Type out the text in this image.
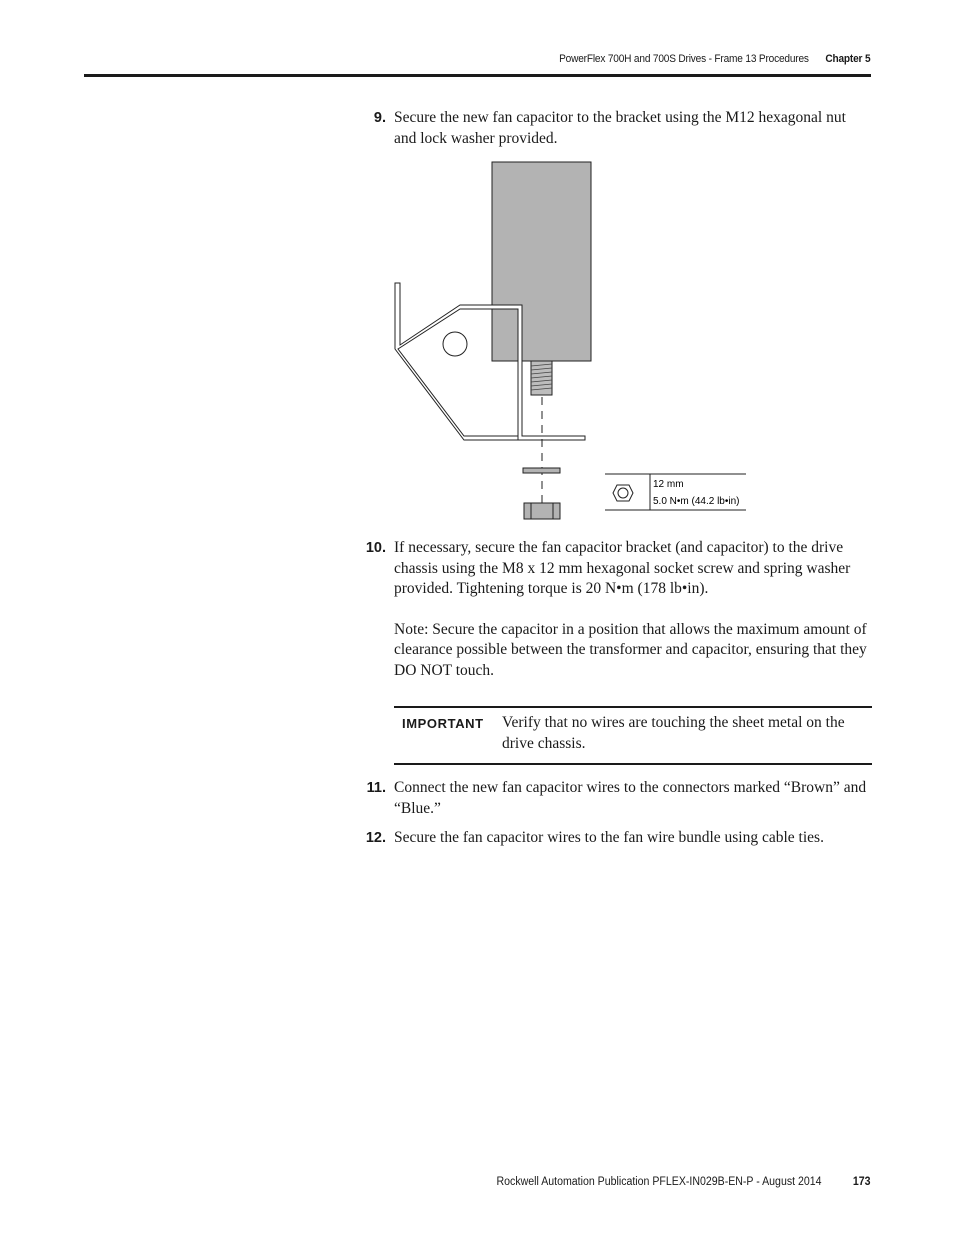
PowerFlex 700H and 700S Drives - Frame 13 Procedures Chapter 5
9. Secure the new fan capacitor to the bracket using the M12 hexagonal nut and lock washer provided.
12 mm
5.0 N•m (44.2 lb•in)
10. If necessary, secure the fan capacitor bracket (and capacitor) to the drive chassis using the M8 x 12 mm hexagonal socket screw and spring washer provided. Tightening torque is 20 N•m (178 lb•in).
Note: Secure the capacitor in a position that allows the maximum amount of clearance possible between the transformer and capacitor, ensuring that they DO NOT touch.
IMPORTANT Verify that no wires are touching the sheet metal on the drive chassis.
11. Connect the new fan capacitor wires to the connectors marked “Brown” and “Blue.”
12. Secure the fan capacitor wires to the fan wire bundle using cable ties.
Rockwell Automation Publication PFLEX-IN029B-EN-P - August 2014	173
